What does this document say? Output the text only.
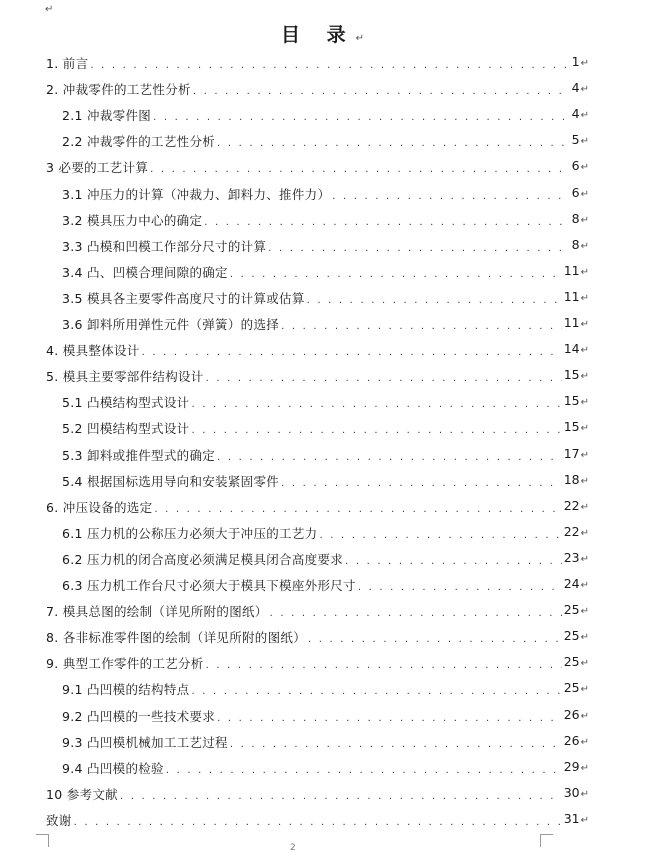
↵
目 录↵
1. 前言 . . .	1↵
2. 冲裁零件的工艺性分析 . . .	4↵
2.1 冲裁零件图 . . .	4↵
2.2 冲裁零件的工艺性分析 . . .	5↵
3 必要的工艺计算 . . .	6↵
3.1 冲压力的计算（冲裁力、卸料力、推件力） . . .	6↵
3.2 模具压力中心的确定 . . .	8↵
3.3 凸模和凹模工作部分尺寸的计算 . . .	8↵
3.4 凸、凹模合理间隙的确定 . . .	11↵
3.5 模具各主要零件高度尺寸的计算或估算 . . .	11↵
3.6 卸料所用弹性元件（弹簧）的选择 . . .	11↵
4. 模具整体设计 . . .	14↵
5. 模具主要零部件结构设计 . . .	15↵
5.1 凸模结构型式设计 . . .	15↵
5.2 凹模结构型式设计 . . .	15↵
5.3 卸料或推件型式的确定 . . .	17↵
5.4 根据国标选用导向和安装紧固零件 . . .	18↵
6. 冲压设备的选定 . . .	22↵
6.1 压力机的公称压力必须大于冲压的工艺力 . . .	22↵
6.2 压力机的闭合高度必须满足模具闭合高度要求 . . .	23↵
6.3 压力机工作台尺寸必须大于模具下模座外形尺寸 . . .	24↵
7. 模具总图的绘制（详见所附的图纸） . . .	25↵
8. 各非标准零件图的绘制（详见所附的图纸） . . .	25↵
9. 典型工作零件的工艺分析 . . .	25↵
9.1 凸凹模的结构特点 . . .	25↵
9.2 凸凹模的一些技术要求 . . .	26↵
9.3 凸凹模机械加工工艺过程 . . .	26↵
9.4 凸凹模的检验 . . .	29↵
10 参考文献 . . .	30↵
致谢 . . .	31↵
2
